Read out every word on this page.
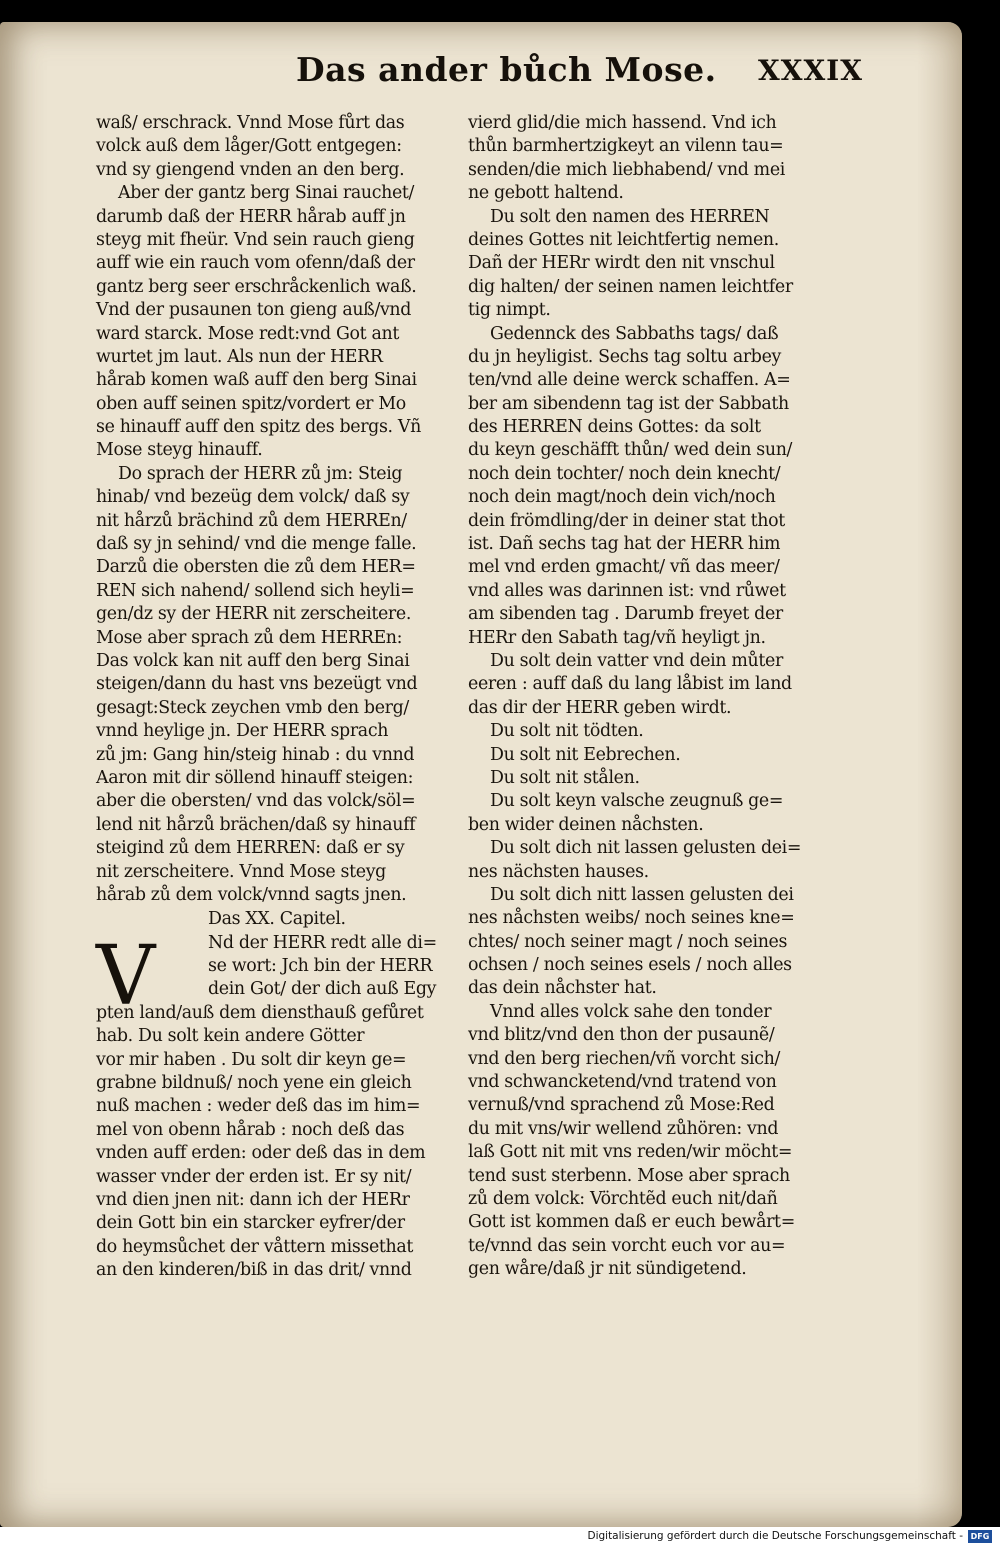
Das ander bůch Mose. XXXIX
waß/ erschrack. Vnnd Mose fůrt das
volck auß dem låger/Gott entgegen:
vnd sy giengend vnden an den berg.
Aber der gantz berg Sinai rauchet/
darumb daß der HERR hårab auff jn
steyg mit fheür. Vnd sein rauch gieng
auff wie ein rauch vom ofenn/daß der
gantz berg seer erschråckenlich waß.
Vnd der pusaunen ton gieng auß/vnd
ward starck. Mose redt:vnd Got ant
wurtet jm laut. Als nun der HERR
hårab komen waß auff den berg Sinai
oben auff seinen spitz/vordert er Mo
se hinauff auff den spitz des bergs. Vñ
Mose steyg hinauff.
Do sprach der HERR zů jm: Steig
hinab/ vnd bezeüg dem volck/ daß sy
nit hårzů brächind zů dem HERREn/
daß sy jn sehind/ vnd die menge falle.
Darzů die obersten die zů dem HER=
REN sich nahend/ sollend sich heyli=
gen/dz sy der HERR nit zerscheitere.
Mose aber sprach zů dem HERREn:
Das volck kan nit auff den berg Sinai
steigen/dann du hast vns bezeügt vnd
gesagt:Steck zeychen vmb den berg/
vnnd heylige jn. Der HERR sprach
zů jm: Gang hin/steig hinab : du vnnd
Aaron mit dir söllend hinauff steigen:
aber die obersten/ vnd das volck/söl=
lend nit hårzů brächen/daß sy hinauff
steigind zů dem HERREN: daß er sy
nit zerscheitere. Vnnd Mose steyg
hårab zů dem volck/vnnd sagts jnen.
Das XX. Capitel.
V	Nd der HERR redt alle di=
se wort: Jch bin der HERR
dein Got/ der dich auß Egy
pten land/auß dem diensthauß gefůret
hab. Du solt kein andere Götter
vor mir haben . Du solt dir keyn ge=
grabne bildnuß/ noch yene ein gleich
nuß machen : weder deß das im him=
mel von obenn hårab : noch deß das
vnden auff erden: oder deß das in dem
wasser vnder der erden ist. Er sy nit/
vnd dien jnen nit: dann ich der HERr
dein Gott bin ein starcker eyfrer/der
do heymsůchet der våttern missethat
an den kinderen/biß in das drit/ vnnd
vierd glid/die mich hassend. Vnd ich
thůn barmhertzigkeyt an vilenn tau=
senden/die mich liebhabend/ vnd mei
ne gebott haltend.
Du solt den namen des HERREN
deines Gottes nit leichtfertig nemen.
Dañ der HERr wirdt den nit vnschul
dig halten/ der seinen namen leichtfer
tig nimpt.
Gedennck des Sabbaths tags/ daß
du jn heyligist. Sechs tag soltu arbey
ten/vnd alle deine werck schaffen. A=
ber am sibendenn tag ist der Sabbath
des HERREN deins Gottes: da solt
du keyn geschäfft thůn/ wed dein sun/
noch dein tochter/ noch dein knecht/
noch dein magt/noch dein vich/noch
dein frömdling/der in deiner stat thot
ist. Dañ sechs tag hat der HERR him
mel vnd erden gmacht/ vñ das meer/
vnd alles was darinnen ist: vnd růwet
am sibenden tag . Darumb freyet der
HERr den Sabath tag/vñ heyligt jn.
Du solt dein vatter vnd dein můter
eeren : auff daß du lang låbist im land
das dir der HERR geben wirdt.
Du solt nit tödten.
Du solt nit Eebrechen.
Du solt nit stålen.
Du solt keyn valsche zeugnuß ge=
ben wider deinen nåchsten.
Du solt dich nit lassen gelusten dei=
nes nächsten hauses.
Du solt dich nitt lassen gelusten dei
nes nåchsten weibs/ noch seines kne=
chtes/ noch seiner magt / noch seines
ochsen / noch seines esels / noch alles
das dein nåchster hat.
Vnnd alles volck sahe den tonder
vnd blitz/vnd den thon der pusaunẽ/
vnd den berg riechen/vñ vorcht sich/
vnd schwancketend/vnd tratend von
vernuß/vnd sprachend zů Mose:Red
du mit vns/wir wellend zůhören: vnd
laß Gott nit mit vns reden/wir möcht=
tend sust sterbenn. Mose aber sprach
zů dem volck: Vörchtẽd euch nit/dañ
Gott ist kommen daß er euch bewårt=
te/vnnd das sein vorcht euch vor au=
gen wåre/daß jr nit sündigetend.
Digitalisierung gefördert durch die Deutsche Forschungsgemeinschaft - DFG
